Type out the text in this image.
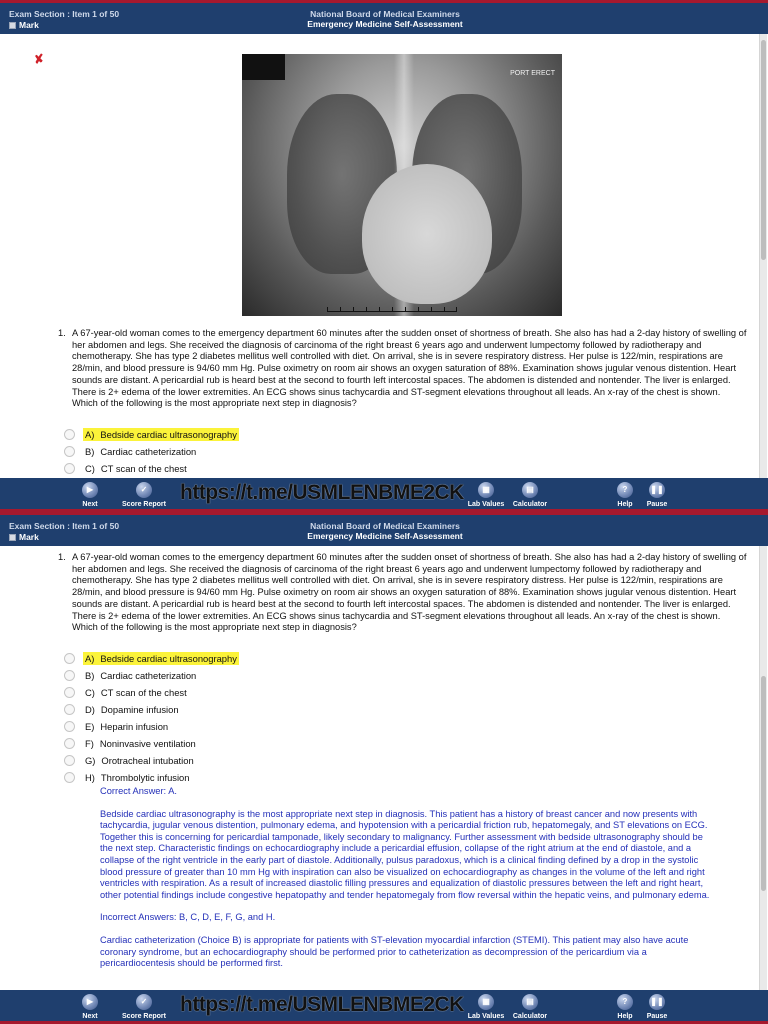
Exam Section : Item 1 of 50
Mark
National Board of Medical Examiners
Emergency Medicine Self-Assessment
✘
PORT ERECT
1. A 67-year-old woman comes to the emergency department 60 minutes after the sudden onset of shortness of breath. She also has had a 2-day history of swelling of her abdomen and legs. She received the diagnosis of carcinoma of the right breast 6 years ago and underwent lumpectomy followed by radiotherapy and chemotherapy. She has type 2 diabetes mellitus well controlled with diet. On arrival, she is in severe respiratory distress. Her pulse is 122/min, respirations are 28/min, and blood pressure is 94/60 mm Hg. Pulse oximetry on room air shows an oxygen saturation of 88%. Examination shows jugular venous distention. Heart sounds are distant. A pericardial rub is heard best at the second to fourth left intercostal spaces. The abdomen is distended and nontender. The liver is enlarged. There is 2+ edema of the lower extremities. An ECG shows sinus tachycardia and ST-segment elevations throughout all leads. An x-ray of the chest is shown. Which of the following is the most appropriate next step in diagnosis?
A) Bedside cardiac ultrasonography
B) Cardiac catheterization
C) CT scan of the chest
▶
Next
✓
Score Report
https://t.me/USMLENBME2CK	▦
Lab Values
▤
Calculator
?
Help
❚❚
Pause
Exam Section : Item 1 of 50
Mark
National Board of Medical Examiners
Emergency Medicine Self-Assessment
1. A 67-year-old woman comes to the emergency department 60 minutes after the sudden onset of shortness of breath. She also has had a 2-day history of swelling of her abdomen and legs. She received the diagnosis of carcinoma of the right breast 6 years ago and underwent lumpectomy followed by radiotherapy and chemotherapy. She has type 2 diabetes mellitus well controlled with diet. On arrival, she is in severe respiratory distress. Her pulse is 122/min, respirations are 28/min, and blood pressure is 94/60 mm Hg. Pulse oximetry on room air shows an oxygen saturation of 88%. Examination shows jugular venous distention. Heart sounds are distant. A pericardial rub is heard best at the second to fourth left intercostal spaces. The abdomen is distended and nontender. The liver is enlarged. There is 2+ edema of the lower extremities. An ECG shows sinus tachycardia and ST-segment elevations throughout all leads. An x-ray of the chest is shown. Which of the following is the most appropriate next step in diagnosis?
A) Bedside cardiac ultrasonography
B) Cardiac catheterization
C) CT scan of the chest
D) Dopamine infusion
E) Heparin infusion
F) Noninvasive ventilation
G) Orotracheal intubation
H) Thrombolytic infusion

Correct Answer: A.

Bedside cardiac ultrasonography is the most appropriate next step in diagnosis. This patient has a history of breast cancer and now presents with tachycardia, jugular venous distention, pulmonary edema, and hypotension with a pericardial friction rub, hepatomegaly, and ST elevations on ECG. Together this is concerning for pericardial tamponade, likely secondary to malignancy. Further assessment with bedside ultrasonography should be the next step. Characteristic findings on echocardiography include a pericardial effusion, collapse of the right atrium at the end of diastole, and a collapse of the right ventricle in the early part of diastole. Additionally, pulsus paradoxus, which is a clinical finding defined by a drop in the systolic blood pressure of greater than 10 mm Hg with inspiration can also be visualized on echocardiography as changes in the volume of the left and right ventricles with respiration. As a result of increased diastolic filling pressures and equalization of diastolic pressures between the left and right heart, other potential findings include congestive hepatopathy and tender hepatomegaly from flow reversal within the hepatic veins, and pulmonary edema.

Incorrect Answers: B, C, D, E, F, G, and H.

Cardiac catheterization (Choice B) is appropriate for patients with ST-elevation myocardial infarction (STEMI). This patient may also have acute coronary syndrome, but an echocardiography should be performed prior to catheterization as decompression of the pericardium via a pericardiocentesis should be performed first.

▶
Next
✓
Score Report
https://t.me/USMLENBME2CK	▦
Lab Values
▤
Calculator
?
Help
❚❚
Pause
